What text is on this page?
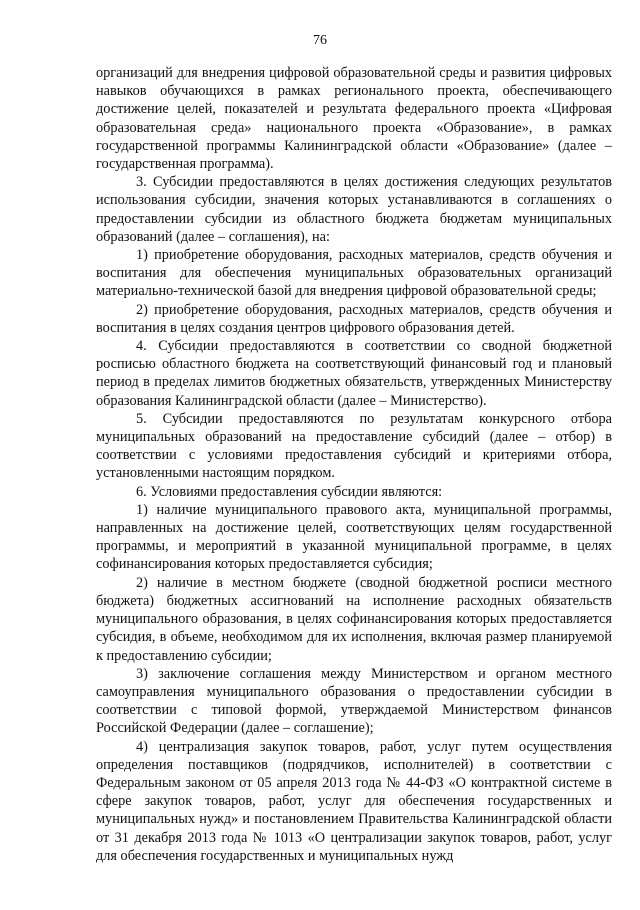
76

организаций для внедрения цифровой образовательной среды и развития цифровых навыков обучающихся в рамках регионального проекта, обеспечивающего достижение целей, показателей и результата федерального проекта «Цифровая образовательная среда» национального проекта «Образование», в рамках государственной программы Калининградской области «Образование» (далее – государственная программа).

3. Субсидии предоставляются в целях достижения следующих результатов использования субсидии, значения которых устанавливаются в соглашениях о предоставлении субсидии из областного бюджета бюджетам муниципальных образований (далее – соглашения), на:

1) приобретение оборудования, расходных материалов, средств обучения и воспитания для обеспечения муниципальных образовательных организаций материально-технической базой для внедрения цифровой образовательной среды;

2) приобретение оборудования, расходных материалов, средств обучения и воспитания в целях создания центров цифрового образования детей.

4. Субсидии предоставляются в соответствии со сводной бюджетной росписью областного бюджета на соответствующий финансовый год и плановый период в пределах лимитов бюджетных обязательств, утвержденных Министерству образования Калининградской области (далее – Министерство).

5. Субсидии предоставляются по результатам конкурсного отбора муниципальных образований на предоставление субсидий (далее – отбор) в соответствии с условиями предоставления субсидий и критериями отбора, установленными настоящим порядком.

6. Условиями предоставления субсидии являются:

1) наличие муниципального правового акта, муниципальной программы, направленных на достижение целей, соответствующих целям государственной программы, и мероприятий в указанной муниципальной программе, в целях софинансирования которых предоставляется субсидия;

2) наличие в местном бюджете (сводной бюджетной росписи местного бюджета) бюджетных ассигнований на исполнение расходных обязательств муниципального образования, в целях софинансирования которых предоставляется субсидия, в объеме, необходимом для их исполнения, включая размер планируемой к предоставлению субсидии;

3) заключение соглашения между Министерством и органом местного самоуправления муниципального образования о предоставлении субсидии в соответствии с типовой формой, утверждаемой Министерством финансов Российской Федерации (далее – соглашение);

4) централизация закупок товаров, работ, услуг путем осуществления определения поставщиков (подрядчиков, исполнителей) в соответствии с Федеральным законом от 05 апреля 2013 года № 44-ФЗ «О контрактной системе в сфере закупок товаров, работ, услуг для обеспечения государственных и муниципальных нужд» и постановлением Правительства Калининградской области от 31 декабря 2013 года № 1013 «О централизации закупок товаров, работ, услуг для обеспечения государственных и муниципальных нужд
